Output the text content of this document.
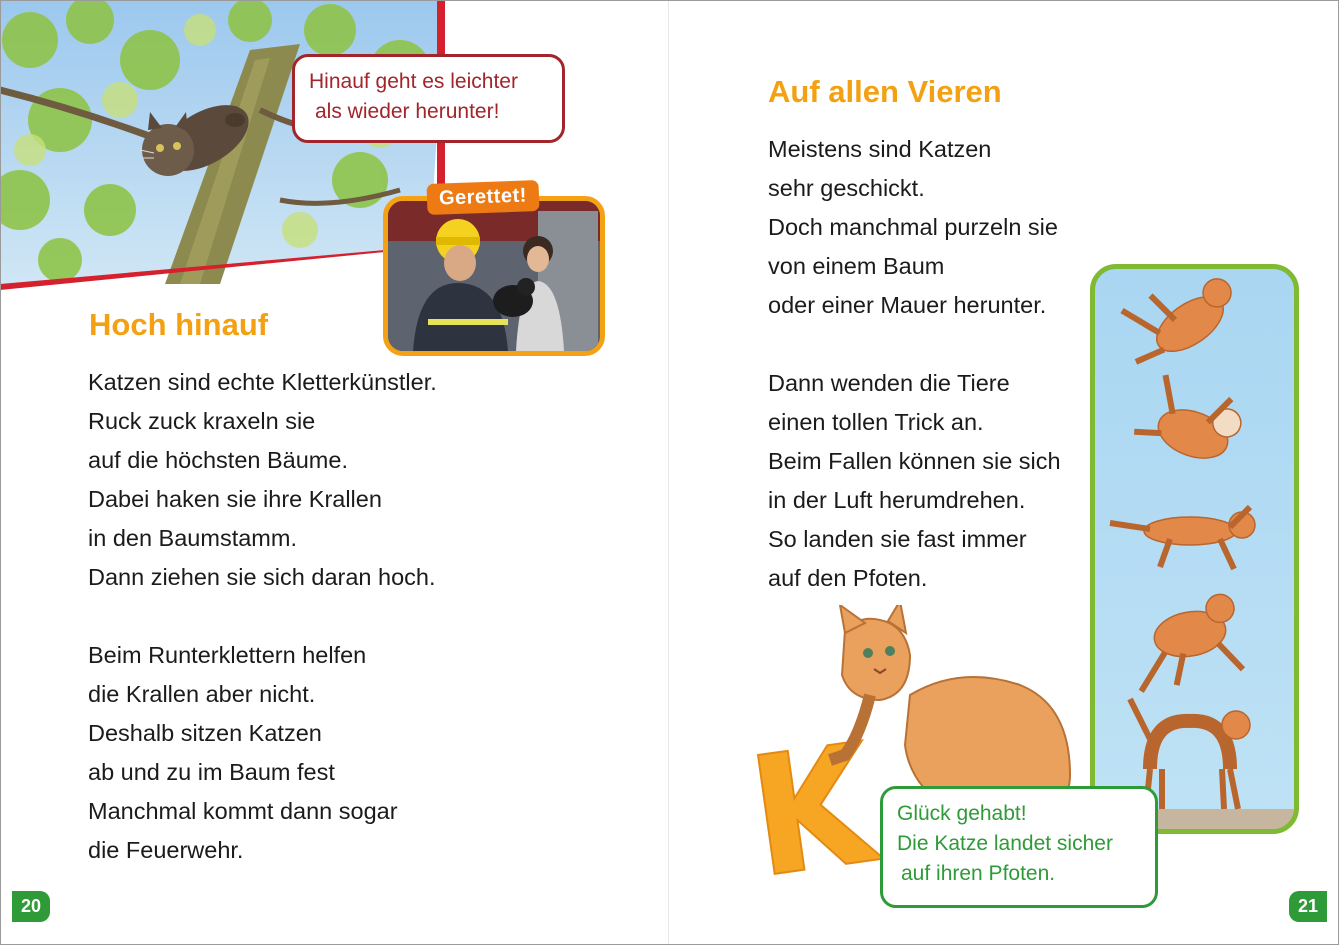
Hinauf geht es leichter
als wieder herunter!
Gerettet!
Hoch hinauf
Katzen sind echte Kletterkünstler.
Ruck zuck kraxeln sie
auf die höchsten Bäume.
Dabei haken sie ihre Krallen
in den Baumstamm.
Dann ziehen sie sich daran hoch.
Beim Runterklettern helfen
die Krallen aber nicht.
Deshalb sitzen Katzen
ab und zu im Baum fest
Manchmal kommt dann sogar
die Feuerwehr.
20
Auf allen Vieren
Meistens sind Katzen
sehr geschickt.
Doch manchmal purzeln sie
von einem Baum
oder einer Mauer herunter.
Dann wenden die Tiere
einen tollen Trick an.
Beim Fallen können sie sich
in der Luft herumdrehen.
So landen sie fast immer
auf den Pfoten.
Glück gehabt!
Die Katze landet sicher
auf ihren Pfoten.
21
